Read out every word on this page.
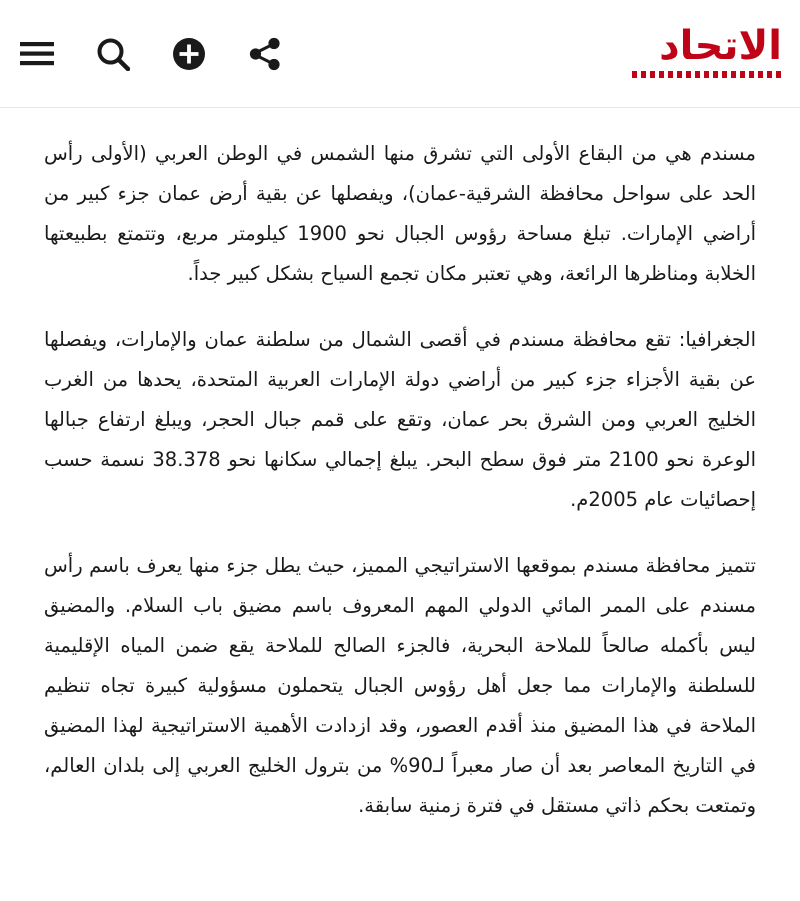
الاتحاد

مسندم هي من البقاع الأولى التي تشرق منها الشمس في الوطن العربي (الأولى رأس الحد على سواحل محافظة الشرقية-عمان)، ويفصلها عن بقية أرض عمان جزء كبير من أراضي الإمارات. تبلغ مساحة رؤوس الجبال نحو 1900 كيلومتر مربع، وتتمتع بطبيعتها الخلابة ومناظرها الرائعة، وهي تعتبر مكان تجمع السياح بشكل كبير جداً.

الجغرافيا: تقع محافظة مسندم في أقصى الشمال من سلطنة عمان والإمارات، ويفصلها عن بقية الأجزاء جزء كبير من أراضي دولة الإمارات العربية المتحدة، يحدها من الغرب الخليج العربي ومن الشرق بحر عمان، وتقع على قمم جبال الحجر، ويبلغ ارتفاع جبالها الوعرة نحو 2100 متر فوق سطح البحر. يبلغ إجمالي سكانها نحو 38.378 نسمة حسب إحصائيات عام 2005م.

تتميز محافظة مسندم بموقعها الاستراتيجي المميز، حيث يطل جزء منها يعرف باسم رأس مسندم على الممر المائي الدولي المهم المعروف باسم مضيق باب السلام. والمضيق ليس بأكمله صالحاً للملاحة البحرية، فالجزء الصالح للملاحة يقع ضمن المياه الإقليمية للسلطنة والإمارات مما جعل أهل رؤوس الجبال يتحملون مسؤولية كبيرة تجاه تنظيم الملاحة في هذا المضيق منذ أقدم العصور، وقد ازدادت الأهمية الاستراتيجية لهذا المضيق في التاريخ المعاصر بعد أن صار معبراً لـ90% من بترول الخليج العربي إلى بلدان العالم، وتمتعت بحكم ذاتي مستقل في فترة زمنية سابقة.
